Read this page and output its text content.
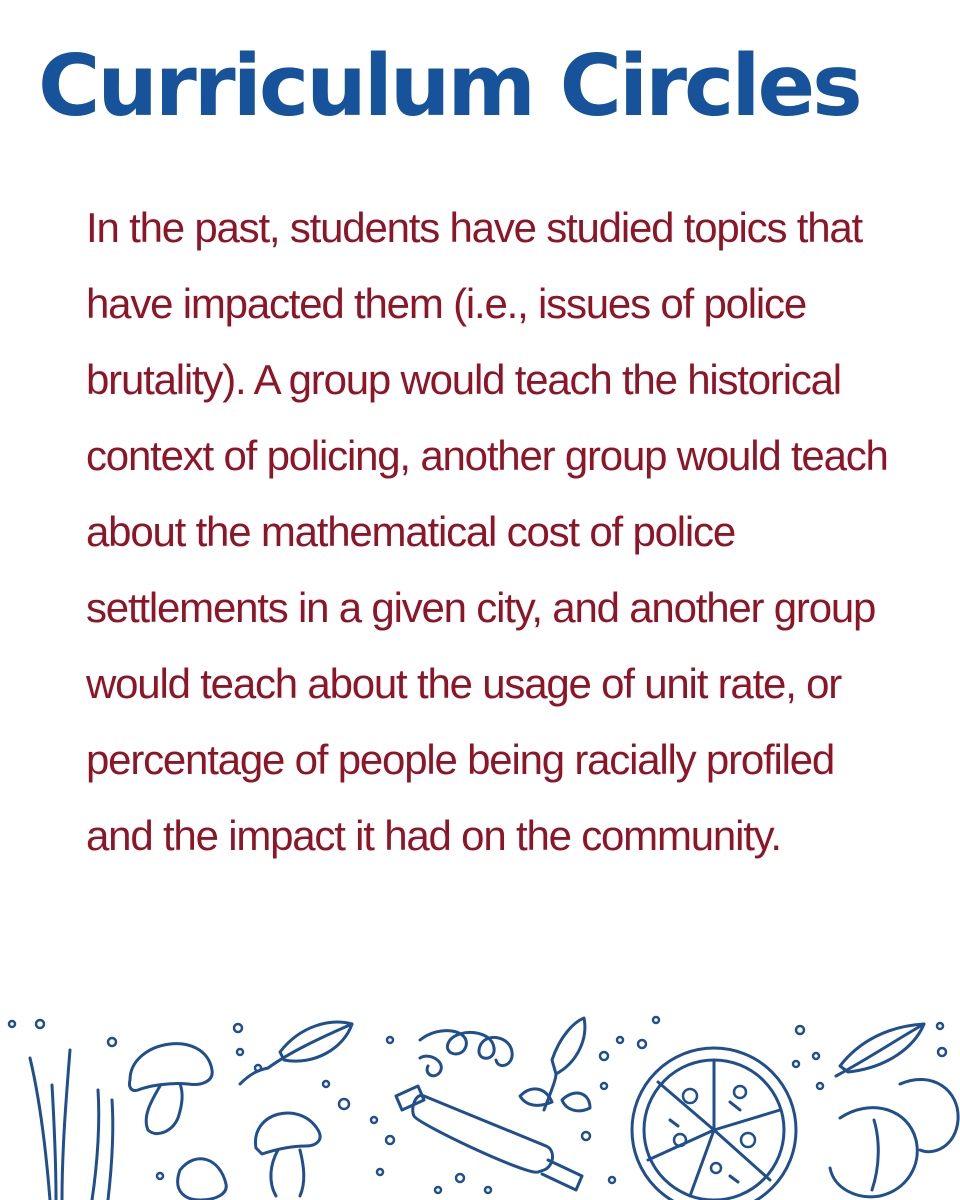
Curriculum Circles

In the past, students have studied topics that have impacted them (i.e., issues of police brutality). A group would teach the historical context of policing, another group would teach about the mathematical cost of police settlements in a given city, and another group would teach about the usage of unit rate, or percentage of people being racially profiled and the impact it had on the community.
